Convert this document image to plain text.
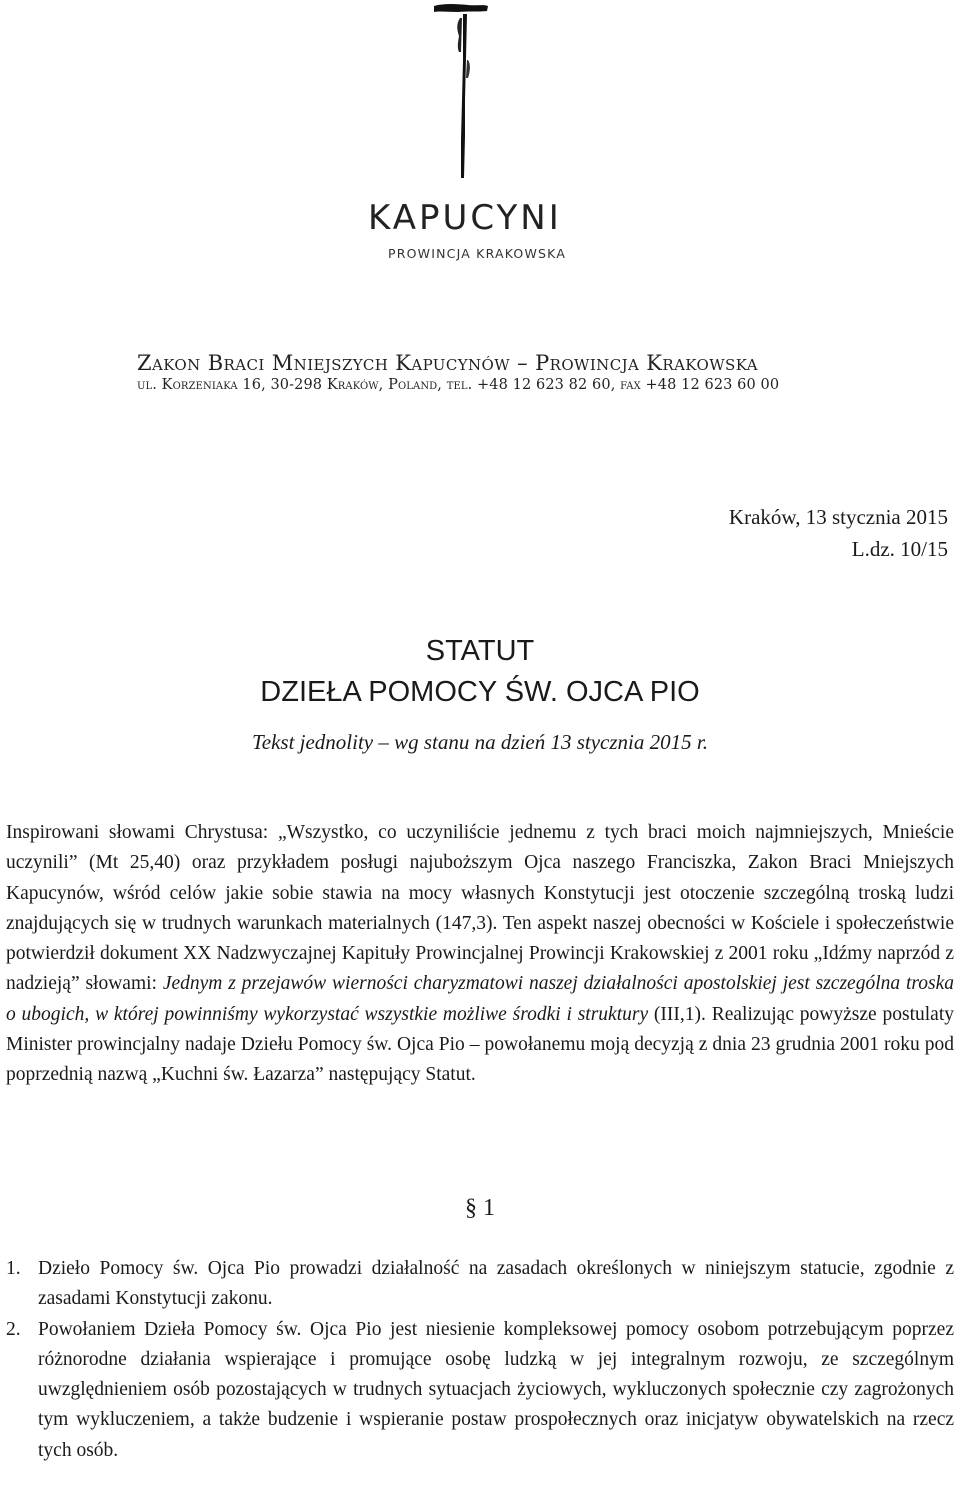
KAPUCYNI
PROWINCJA KRAKOWSKA
Zakon Braci Mniejszych Kapucynów – Prowincja Krakowska
ul. Korzeniaka 16, 30-298 Kraków, Poland, tel. +48 12 623 82 60, fax +48 12 623 60 00
Kraków, 13 stycznia 2015
L.dz. 10/15
STATUT
DZIEŁA POMOCY ŚW. OJCA PIO
Tekst jednolity – wg stanu na dzień 13 stycznia 2015 r.

Inspirowani słowami Chrystusa: „Wszystko, co uczyniliście jednemu z tych braci moich najmniejszych, Mnieście uczynili” (Mt 25,40) oraz przykładem posługi najuboższym Ojca naszego Franciszka, Zakon Braci Mniejszych Kapucynów, wśród celów jakie sobie stawia na mocy własnych Konstytucji jest otoczenie szczególną troską ludzi znajdujących się w trudnych warunkach materialnych (147,3). Ten aspekt naszej obecności w Kościele i społeczeństwie potwierdził dokument XX Nadzwyczajnej Kapituły Prowincjalnej Prowincji Krakowskiej z 2001 roku „Idźmy naprzód z nadzieją” słowami: Jednym z przejawów wierności charyzmatowi naszej działalności apostolskiej jest szczególna troska o ubogich, w której powinniśmy wykorzystać wszystkie możliwe środki i struktury (III,1). Realizując powyższe postulaty Minister prowincjalny nadaje Dziełu Pomocy św. Ojca Pio – powołanemu moją decyzją z dnia 23 grudnia 2001 roku pod poprzednią nazwą „Kuchni św. Łazarza” następujący Statut.

§ 1
1. Dzieło Pomocy św. Ojca Pio prowadzi działalność na zasadach określonych w niniejszym statucie, zgodnie z zasadami Konstytucji zakonu.
2. Powołaniem Dzieła Pomocy św. Ojca Pio jest niesienie kompleksowej pomocy osobom potrzebującym poprzez różnorodne działania wspierające i promujące osobę ludzką w jej integralnym rozwoju, ze szczególnym uwzględnieniem osób pozostających w trudnych sytuacjach życiowych, wykluczonych społecznie czy zagrożonych tym wykluczeniem, a także budzenie i wspieranie postaw prospołecznych oraz inicjatyw obywatelskich na rzecz tych osób.
